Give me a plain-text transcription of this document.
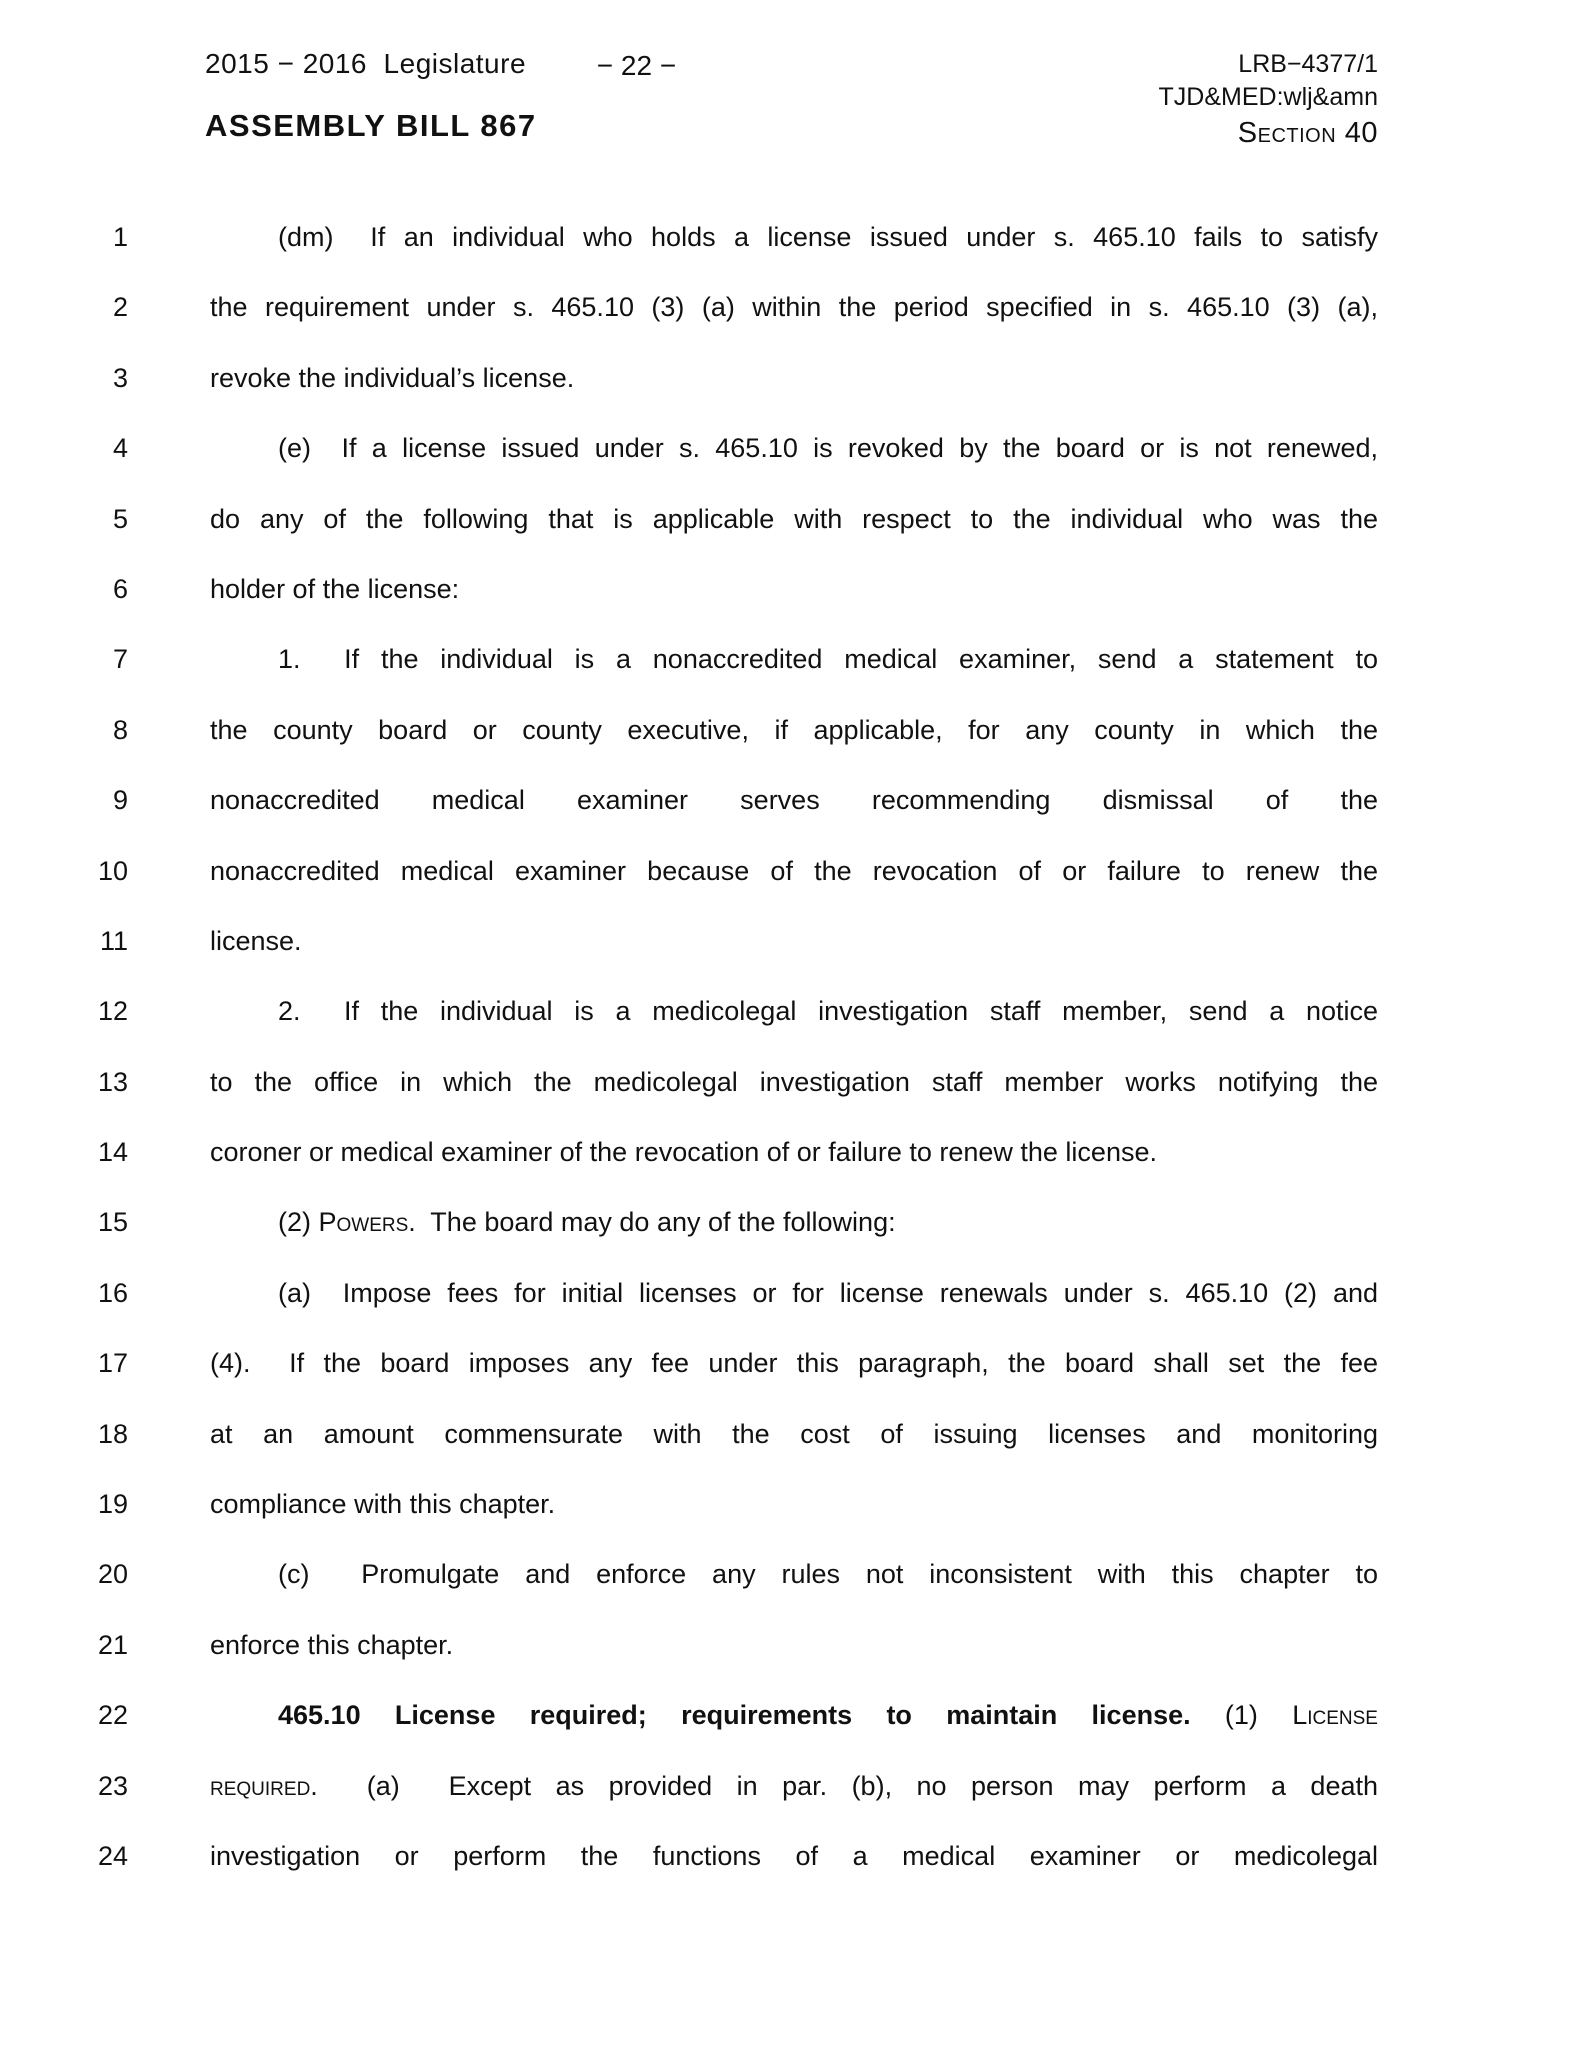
2015 − 2016  Legislature
ASSEMBLY BILL 867
− 22 −	LRB−4377/1
TJD&MED:wlj&amn
Section 40
1	(dm)  If an individual who holds a license issued under s. 465.10 fails to satisfy
2	the requirement under s. 465.10 (3) (a) within the period specified in s. 465.10 (3) (a),
3	revoke the individual’s license.
4	(e)  If a license issued under s. 465.10 is revoked by the board or is not renewed,
5	do any of the following that is applicable with respect to the individual who was the
6	holder of the license:
7	1.  If the individual is a nonaccredited medical examiner, send a statement to
8	the county board or county executive, if applicable, for any county in which the
9	nonaccredited medical examiner serves recommending dismissal of the
10	nonaccredited medical examiner because of the revocation of or failure to renew the
11	license.
12	2.  If the individual is a medicolegal investigation staff member, send a notice
13	to the office in which the medicolegal investigation staff member works notifying the
14	coroner or medical examiner of the revocation of or failure to renew the license.
15	(2) Powers.  The board may do any of the following:
16	(a)  Impose fees for initial licenses or for license renewals under s. 465.10 (2) and
17	(4).  If the board imposes any fee under this paragraph, the board shall set the fee
18	at an amount commensurate with the cost of issuing licenses and monitoring
19	compliance with this chapter.
20	(c)  Promulgate and enforce any rules not inconsistent with this chapter to
21	enforce this chapter.
22	465.10 License required; requirements to maintain license. (1) License
23	required.  (a)  Except as provided in par. (b), no person may perform a death
24	investigation or perform the functions of a medical examiner or medicolegal
